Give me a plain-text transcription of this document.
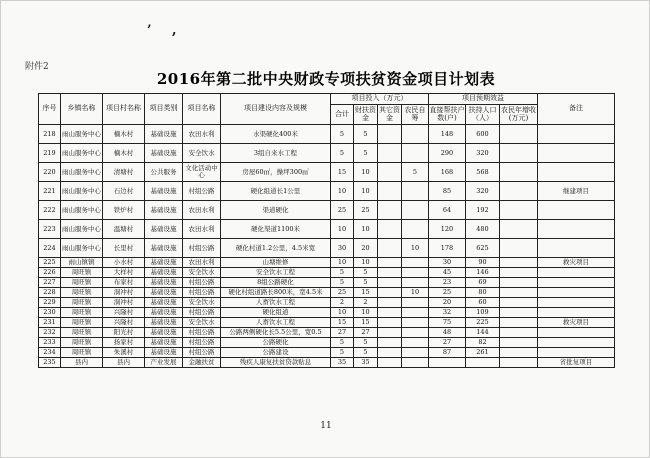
’ ,
附件2
2016年第二批中央财政专项扶贫资金项目计划表
序号	乡镇名称	项目村名称	项目类别	项目名称	项目建设内容及规模	项目投入（万元）				项目预期效益			备注
						合计	财扶资金	其它资金	农民自筹	直接帮扶户数(户)	扶持人口（人）	农民年增收(万元)	
218	雨山服务中心	楠木村	基础设施	农田水利	水渠硬化400米	5	5			148	600		
219	雨山服务中心	楠木村	基础设施	安全饮水	3组自来水工程	5	5			290	320		
220	雨山服务中心	清塘村	公共服务	文化活动中心	房屋60㎡，操坪300㎡	15	10		5	168	568		
221	雨山服务中心	石边村	基础设施	村组公路	硬化组道长1公里	10	10			85	320		继建项目
222	雨山服务中心	铁炉村	基础设施	农田水利	渠道硬化	25	25			64	192		
223	雨山服务中心	温塘村	基础设施	农田水利	硬化渠道1100米	10	10			120	480		
224	雨山服务中心	长里村	基础设施	村组公路	硬化村道1.2公里，4.5米宽	30	20		10	178	625		
225	雨山镇镇	小水村	基础设施	农田水利	山塘维修	10	10			30	90		救灾项目
226	周旺镇	大样村	基础设施	安全饮水	安全饮水工程	5	5			45	146		
227	周旺镇	布家村	基础设施	村组公路	8组公路硬化	5	5			23	69		
228	周旺镇	洞冲村	基础设施	村组公路	硬化村组道路长800米，宽4.5米	25	15		10	25	80		
229	周旺镇	洞冲村	基础设施	安全饮水	人畜饮水工程	2	2			20	60		
230	周旺镇	兴隆村	基础设施	村组公路	硬化组道	10	10			32	109		
231	周旺镇	兴隆村	基础设施	安全饮水	人畜饮水工程	15	15			75	225		救灾项目
232	周旺镇	阳光村	基础设施	村组公路	公路两侧硬化长5.5公里，宽0.5	27	27			48	144		
233	周旺镇	扬家村	基础设施	村组公路	公路硬化	5	5			27	82		
234	周旺镇	朱溪村	基础设施	村组公路	公路建设	5	5			87	261		
235	县内	县内	产业发展	金融扶贫	残疾人康复扶贫贷款贴息	35	35						省批复项目
11
